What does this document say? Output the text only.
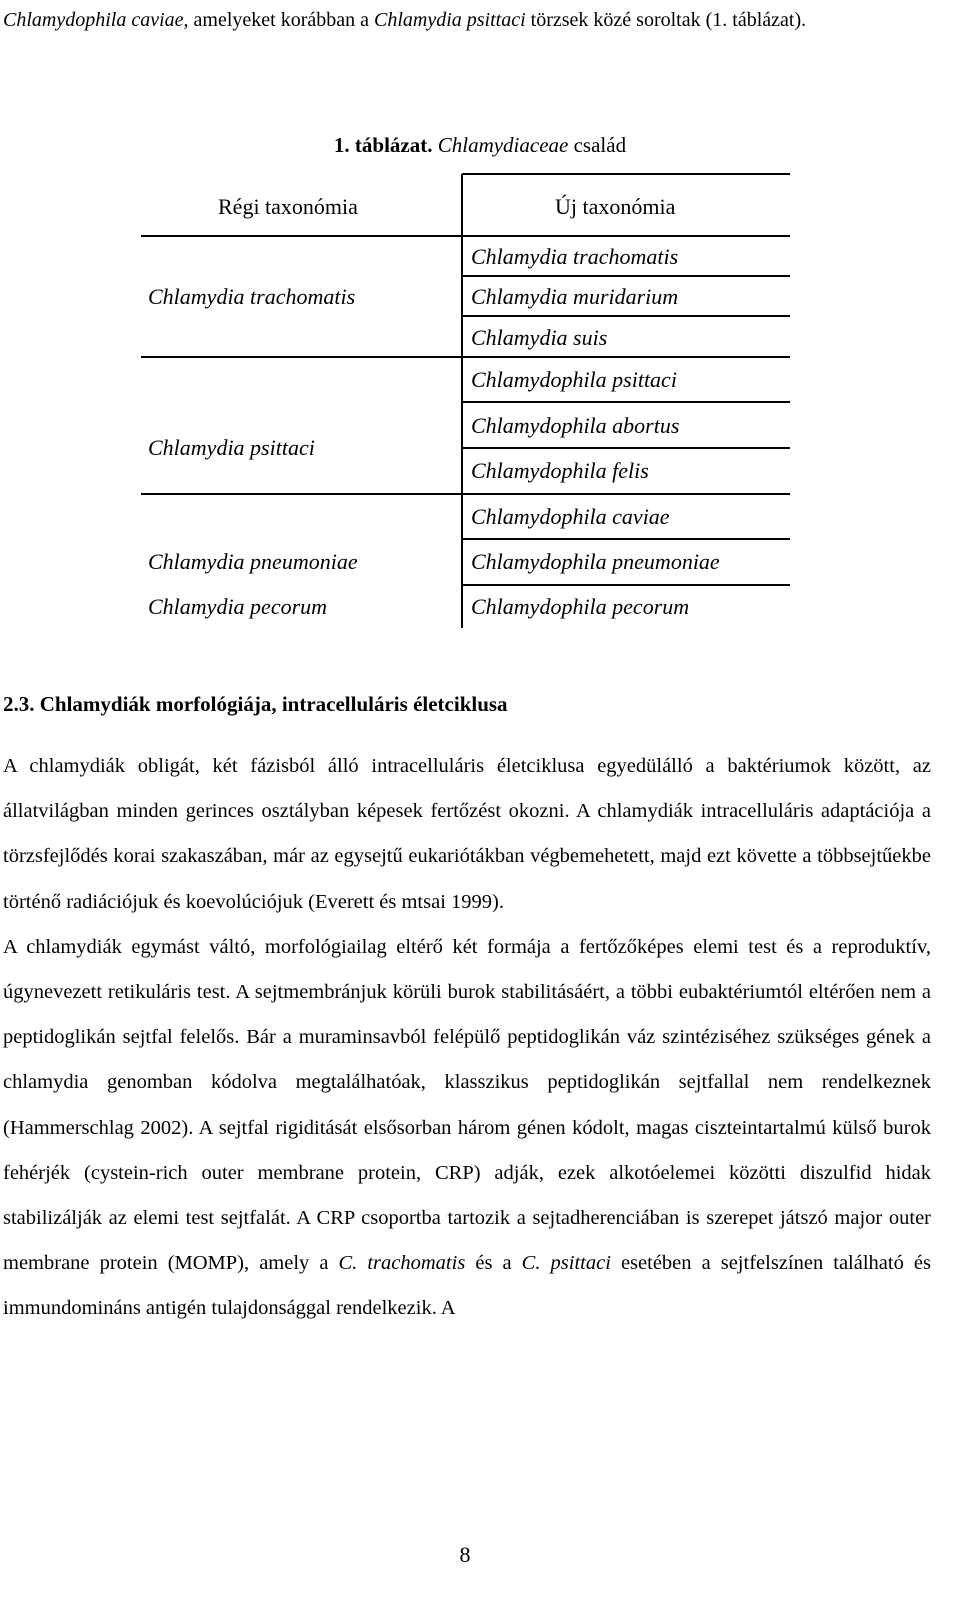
Chlamydophila caviae, amelyeket korábban a Chlamydia psittaci törzsek közé soroltak (1. táblázat).

1. táblázat. Chlamydiaceae család
Régi taxonómia	Új taxonómia
Chlamydia trachomatis
Chlamydia psittaci
Chlamydia pneumoniae
Chlamydia pecorum
Chlamydia trachomatis
Chlamydia muridarium
Chlamydia suis
Chlamydophila psittaci
Chlamydophila abortus
Chlamydophila felis
Chlamydophila caviae
Chlamydophila pneumoniae
Chlamydophila pecorum
2.3. Chlamydiák morfológiája, intracelluláris életciklusa

A chlamydiák obligát, két fázisból álló intracelluláris életciklusa egyedülálló a baktériumok között, az állatvilágban minden gerinces osztályban képesek fertőzést okozni. A chlamydiák intracelluláris adaptációja a törzsfejlődés korai szakaszában, már az egysejtű eukariótákban végbemehetett, majd ezt követte a többsejtűekbe történő radiációjuk és koevolúciójuk (Everett és mtsai 1999).

A chlamydiák egymást váltó, morfológiailag eltérő két formája a fertőzőképes elemi test és a reproduktív, úgynevezett retikuláris test. A sejtmembránjuk körüli burok stabilitásáért, a többi eubaktériumtól eltérően nem a peptidoglikán sejtfal felelős. Bár a muraminsavból felépülő peptidoglikán váz szintéziséhez szükséges gének a chlamydia genomban kódolva megtalálhatóak, klasszikus peptidoglikán sejtfallal nem rendelkeznek (Hammerschlag 2002). A sejtfal rigiditását elsősorban három génen kódolt, magas ciszteintartalmú külső burok fehérjék (cystein-rich outer membrane protein, CRP) adják, ezek alkotóelemei közötti diszulfid hidak stabilizálják az elemi test sejtfalát. A CRP csoportba tartozik a sejtadherenciában is szerepet játszó major outer membrane protein (MOMP), amely a C. trachomatis és a C. psittaci esetében a sejtfelszínen található és immundomináns antigén tulajdonsággal rendelkezik. A

8
